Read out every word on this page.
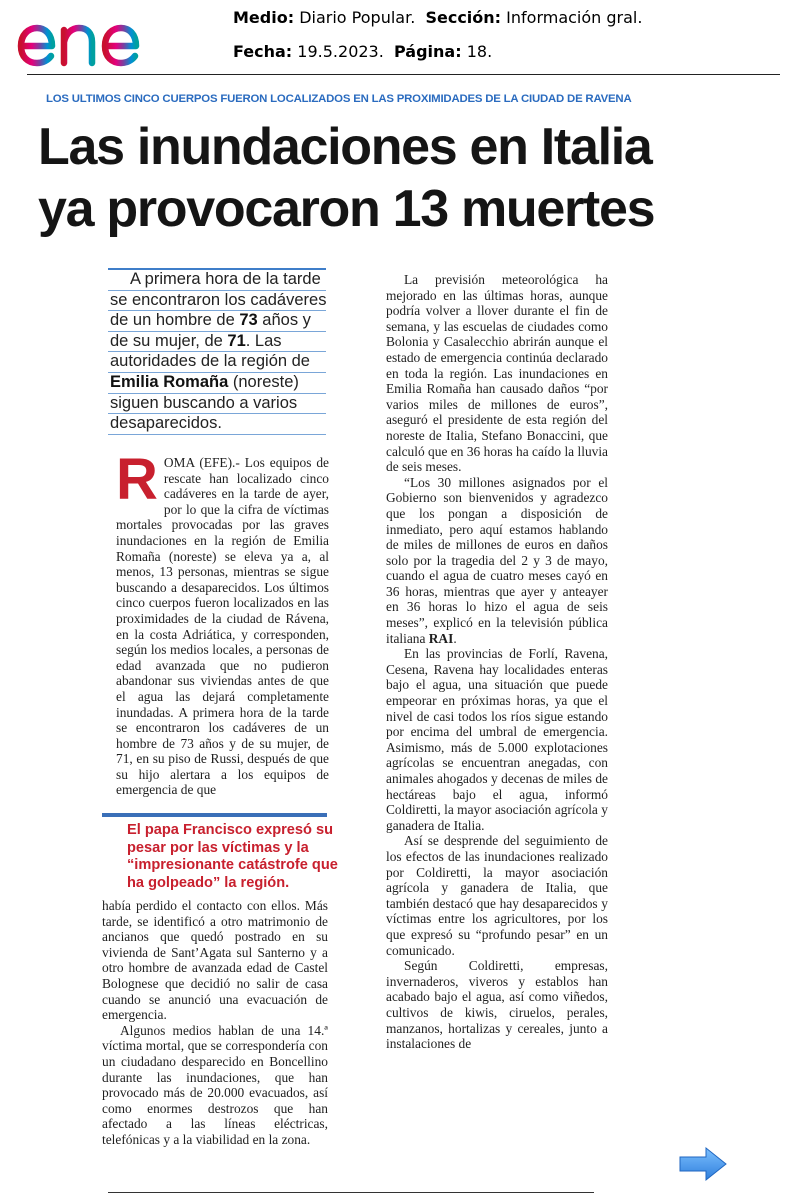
Medio: Diario Popular. Sección: Información gral.
Fecha: 19.5.2023. Página: 18.
LOS ULTIMOS CINCO CUERPOS FUERON LOCALIZADOS EN LAS PROXIMIDADES DE LA CIUDAD DE RAVENA
Las inundaciones en Italia
ya provocaron 13 muertes
A primera hora de la tarde
se encontraron los cadáveres
de un hombre de 73 años y
de su mujer, de 71. Las
autoridades de la región de
Emilia Romaña (noreste)
siguen buscando a varios
desaparecidos.
R OMA (EFE).- Los equipos de rescate han localizado cinco cadáveres en la tarde de ayer, por lo que la cifra de víctimas mortales provocadas por las graves inundaciones en la región de Emilia Romaña (noreste) se eleva ya a, al menos, 13 personas, mientras se sigue buscando a desaparecidos. Los últimos cinco cuerpos fueron localizados en las proximidades de la ciudad de Rávena, en la costa Adriática, y corresponden, según los medios locales, a personas de edad avanzada que no pudieron abandonar sus viviendas antes de que el agua las dejará completamente inundadas. A primera hora de la tarde se encontraron los cadáveres de un hombre de 73 años y de su mujer, de 71, en su piso de Russi, después de que su hijo alertara a los equipos de emergencia de que

El papa Francisco expresó su
pesar por las víctimas y la
“impresionante catástrofe que
ha golpeado” la región.

había perdido el contacto con ellos. Más tarde, se identificó a otro matrimonio de ancianos que quedó postrado en su vivienda de Sant’Agata sul Santerno y a otro hombre de avanzada edad de Castel Bolognese que decidió no salir de casa cuando se anunció una evacuación de emergencia.

Algunos medios hablan de una 14.ª víctima mortal, que se correspondería con un ciudadano desparecido en Boncellino durante las inundaciones, que han provocado más de 20.000 evacuados, así como enormes destrozos que han afectado a las líneas eléctricas, telefónicas y a la viabilidad en la zona.

La previsión meteorológica ha mejorado en las últimas horas, aunque podría volver a llover durante el fin de semana, y las escuelas de ciudades como Bolonia y Casalecchio abrirán aunque el estado de emergencia continúa declarado en toda la región. Las inundaciones en Emilia Romaña han causado daños “por varios miles de millones de euros”, aseguró el presidente de esta región del noreste de Italia, Stefano Bonaccini, que calculó que en 36 horas ha caído la lluvia de seis meses.

“Los 30 millones asignados por el Gobierno son bienvenidos y agradezco que los pongan a disposición de inmediato, pero aquí estamos hablando de miles de millones de euros en daños solo por la tragedia del 2 y 3 de mayo, cuando el agua de cuatro meses cayó en 36 horas, mientras que ayer y anteayer en 36 horas lo hizo el agua de seis meses”, explicó en la televisión pública italiana RAI.

En las provincias de Forlí, Ravena, Cesena, Ravena hay localidades enteras bajo el agua, una situación que puede empeorar en próximas horas, ya que el nivel de casi todos los ríos sigue estando por encima del umbral de emergencia. Asimismo, más de 5.000 explotaciones agrícolas se encuentran anegadas, con animales ahogados y decenas de miles de hectáreas bajo el agua, informó Coldiretti, la mayor asociación agrícola y ganadera de Italia.

Así se desprende del seguimiento de los efectos de las inundaciones realizado por Coldiretti, la mayor asociación agrícola y ganadera de Italia, que también destacó que hay desaparecidos y víctimas entre los agricultores, por los que expresó su “profundo pesar” en un comunicado.

Según Coldiretti, empresas, invernaderos, viveros y establos han acabado bajo el agua, así como viñedos, cultivos de kiwis, ciruelos, perales, manzanos, hortalizas y cereales, junto a instalaciones de
